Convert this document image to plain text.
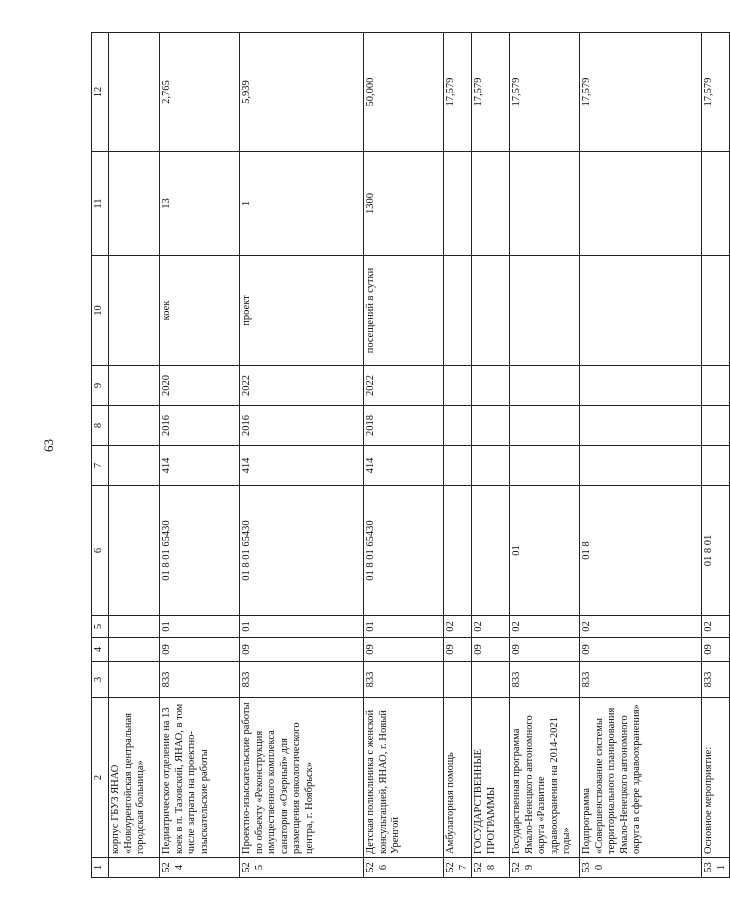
63
1	2	3	4	5	6	7	8	9	10	11	12
	корпус ГБУЗ ЯНАО «Новоуренгойская центральная городская больница»										
524	Педиатрическое отделение на 13 коек в п. Тазовский, ЯНАО, в том числе затраты на проектно-изыскательские работы	833	09	01	01 8 01 65430	414	2016	2020	коек	13	2,765
525	Проектно-изыскательские работы по объекту «Реконструкция имущественного комплекса санатория «Озерный» для размещения онкологического центра, г. Ноябрьск»	833	09	01	01 8 01 65430	414	2016	2022	проект	1	5,939
526	Детская поликлиника с женской консультацией, ЯНАО, г. Новый Уренгой	833	09	01	01 8 01 65430	414	2018	2022	посещений в сутки	1300	50,000
527	Амбулаторная помощь		09	02							17,579
528	ГОСУДАРСТВЕННЫЕ ПРОГРАММЫ		09	02							17,579
529	Государственная программа Ямало-Ненецкого автономного округа «Развитие здравоохранения на 2014-2021 годы»	833	09	02	01						17,579
530	Подпрограмма «Совершенствование системы территориального планирования Ямало-Ненецкого автономного округа в сфере здравоохранения»	833	09	02	01 8						17,579
531	Основное мероприятие:	833	09	02	01 8 01						17,579
